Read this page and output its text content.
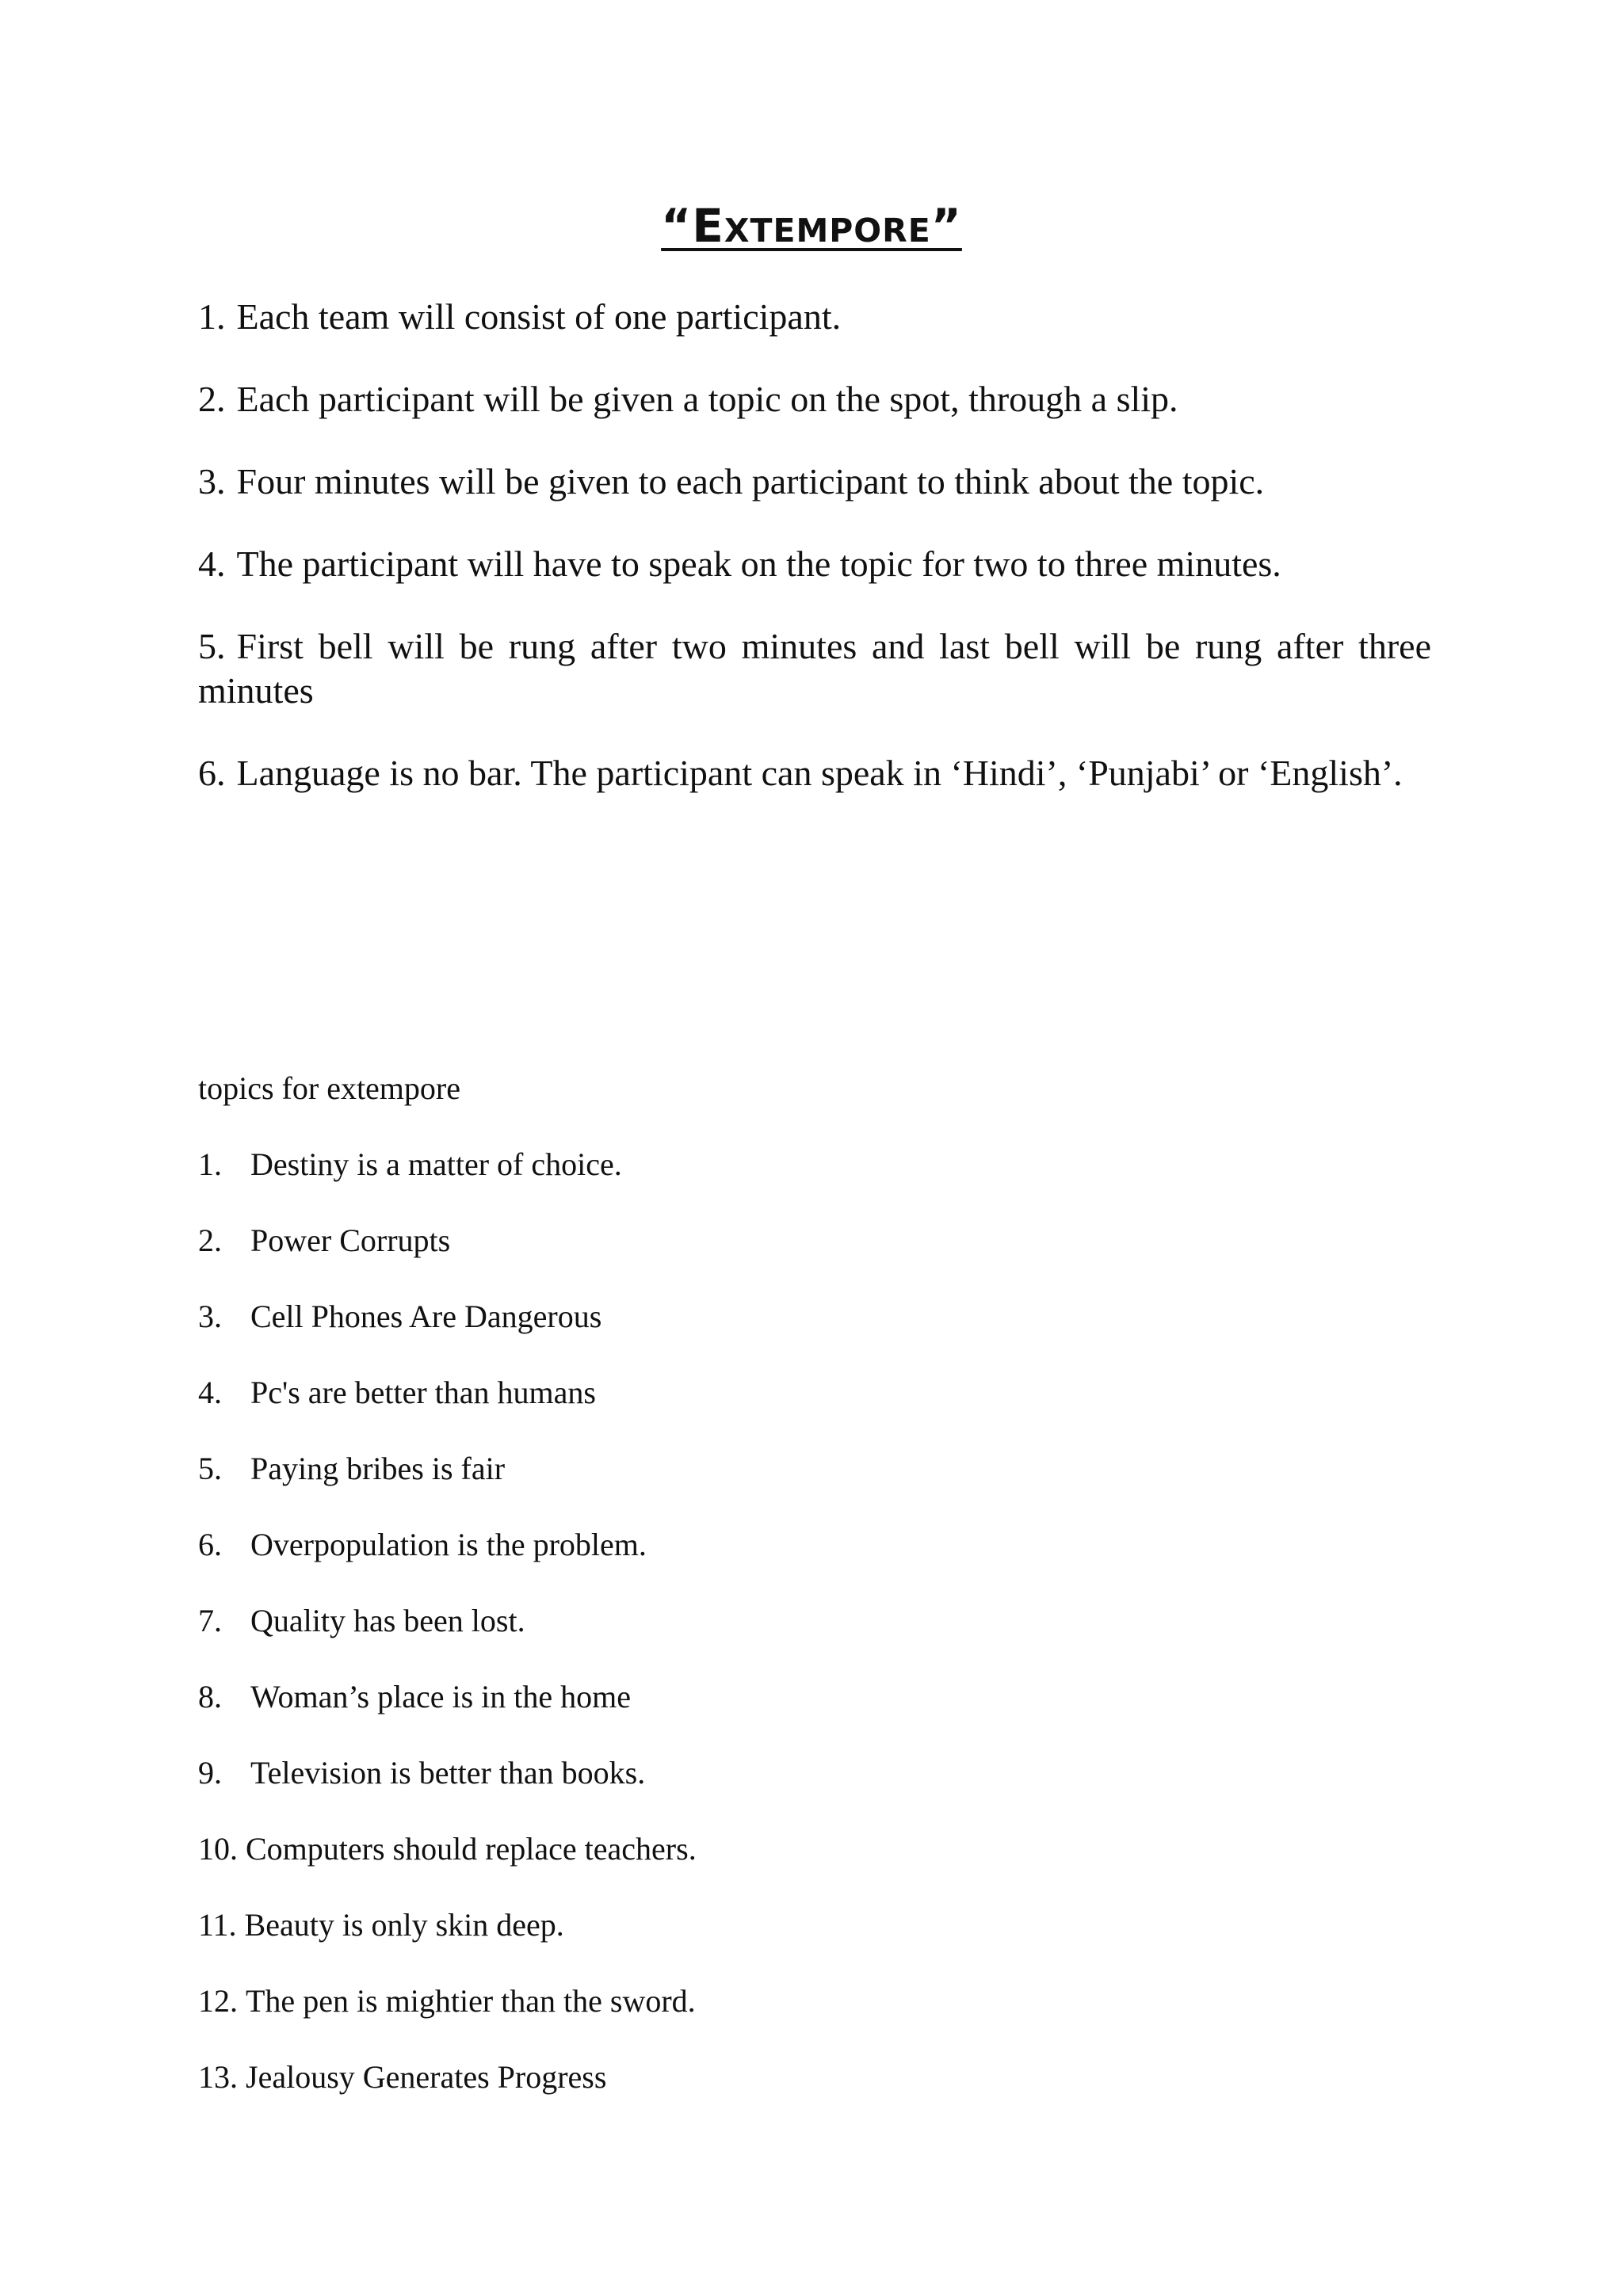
“Extempore”
1. Each team will consist of one participant.
2. Each participant will be given a topic on the spot, through a slip.
3. Four minutes will be given to each participant to think about the topic.
4. The participant will have to speak on the topic for two to three minutes.
5. First bell will be rung after two minutes and last bell will be rung after three minutes
6. Language is no bar. The participant can speak in ‘Hindi’, ‘Punjabi’ or ‘English’.
topics for extempore
1. Destiny is a matter of choice.
2. Power Corrupts
3. Cell Phones Are Dangerous
4. Pc's are better than humans
5. Paying bribes is fair
6. Overpopulation is the problem.
7. Quality has been lost.
8. Woman’s place is in the home
9. Television is better than books.
10. Computers should replace teachers.
11. Beauty is only skin deep.
12. The pen is mightier than the sword.
13. Jealousy Generates Progress
